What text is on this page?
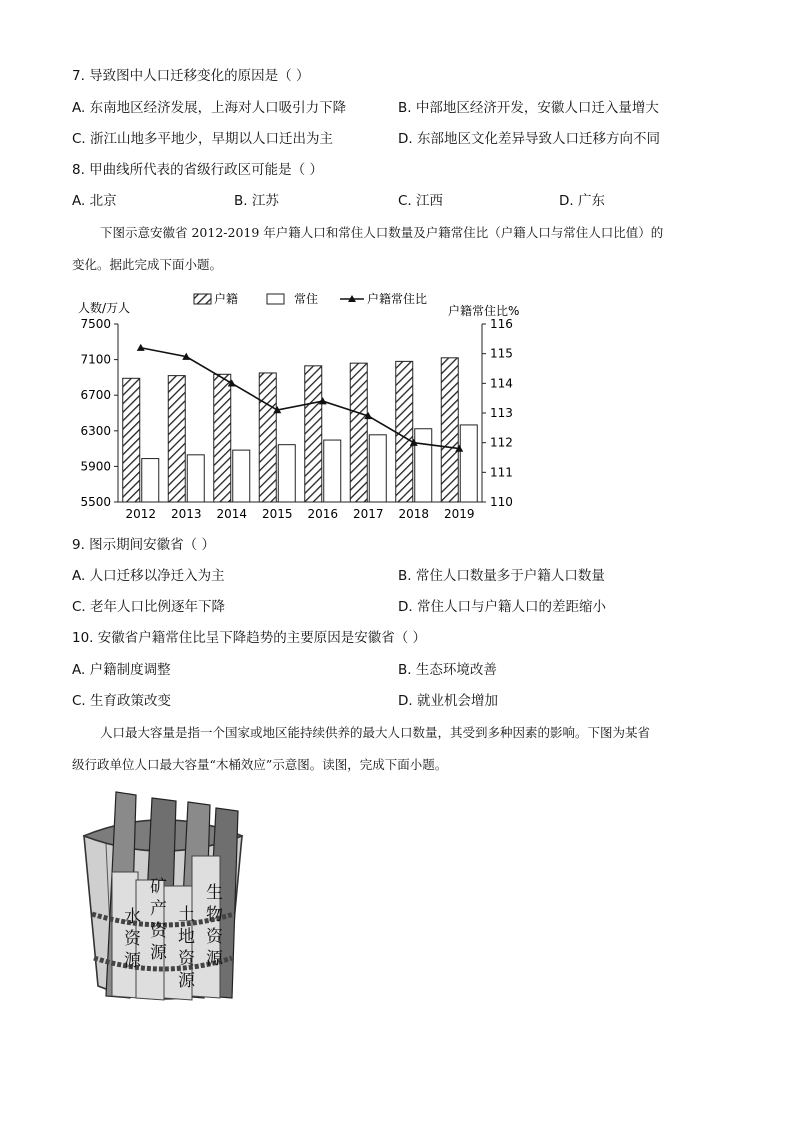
7. 导致图中人口迁移变化的原因是（ ）
A. 东南地区经济发展，上海对人口吸引力下降	B. 中部地区经济开发，安徽人口迁入量增大
C. 浙江山地多平地少，早期以人口迁出为主	D. 东部地区文化差异导致人口迁移方向不同
8. 甲曲线所代表的省级行政区可能是（ ）
A. 北京	B. 江苏	C. 江西	D. 广东
下图示意安徽省 2012-2019 年户籍人口和常住人口数量及户籍常住比（户籍人口与常住人口比值）的
变化。据此完成下面小题。
户籍	常住	户籍常住比
人数/万人	户籍常住比%
7500
7100
6700
6300
5900
5500
116
115
114
113
112
111
110
2012 2013 2014 2015 2016 2017 2018 2019
9. 图示期间安徽省（ ）
A. 人口迁移以净迁入为主	B. 常住人口数量多于户籍人口数量
C. 老年人口比例逐年下降	D. 常住人口与户籍人口的差距缩小
10. 安徽省户籍常住比呈下降趋势的主要原因是安徽省（ ）
A. 户籍制度调整	B. 生态环境改善
C. 生育政策改变	D. 就业机会增加
人口最大容量是指一个国家或地区能持续供养的最大人口数量，其受到多种因素的影响。下图为某省
级行政单位人口最大容量“木桶效应”示意图。读图，完成下面小题。
水资源
矿产资源
土地资源
生物资源
